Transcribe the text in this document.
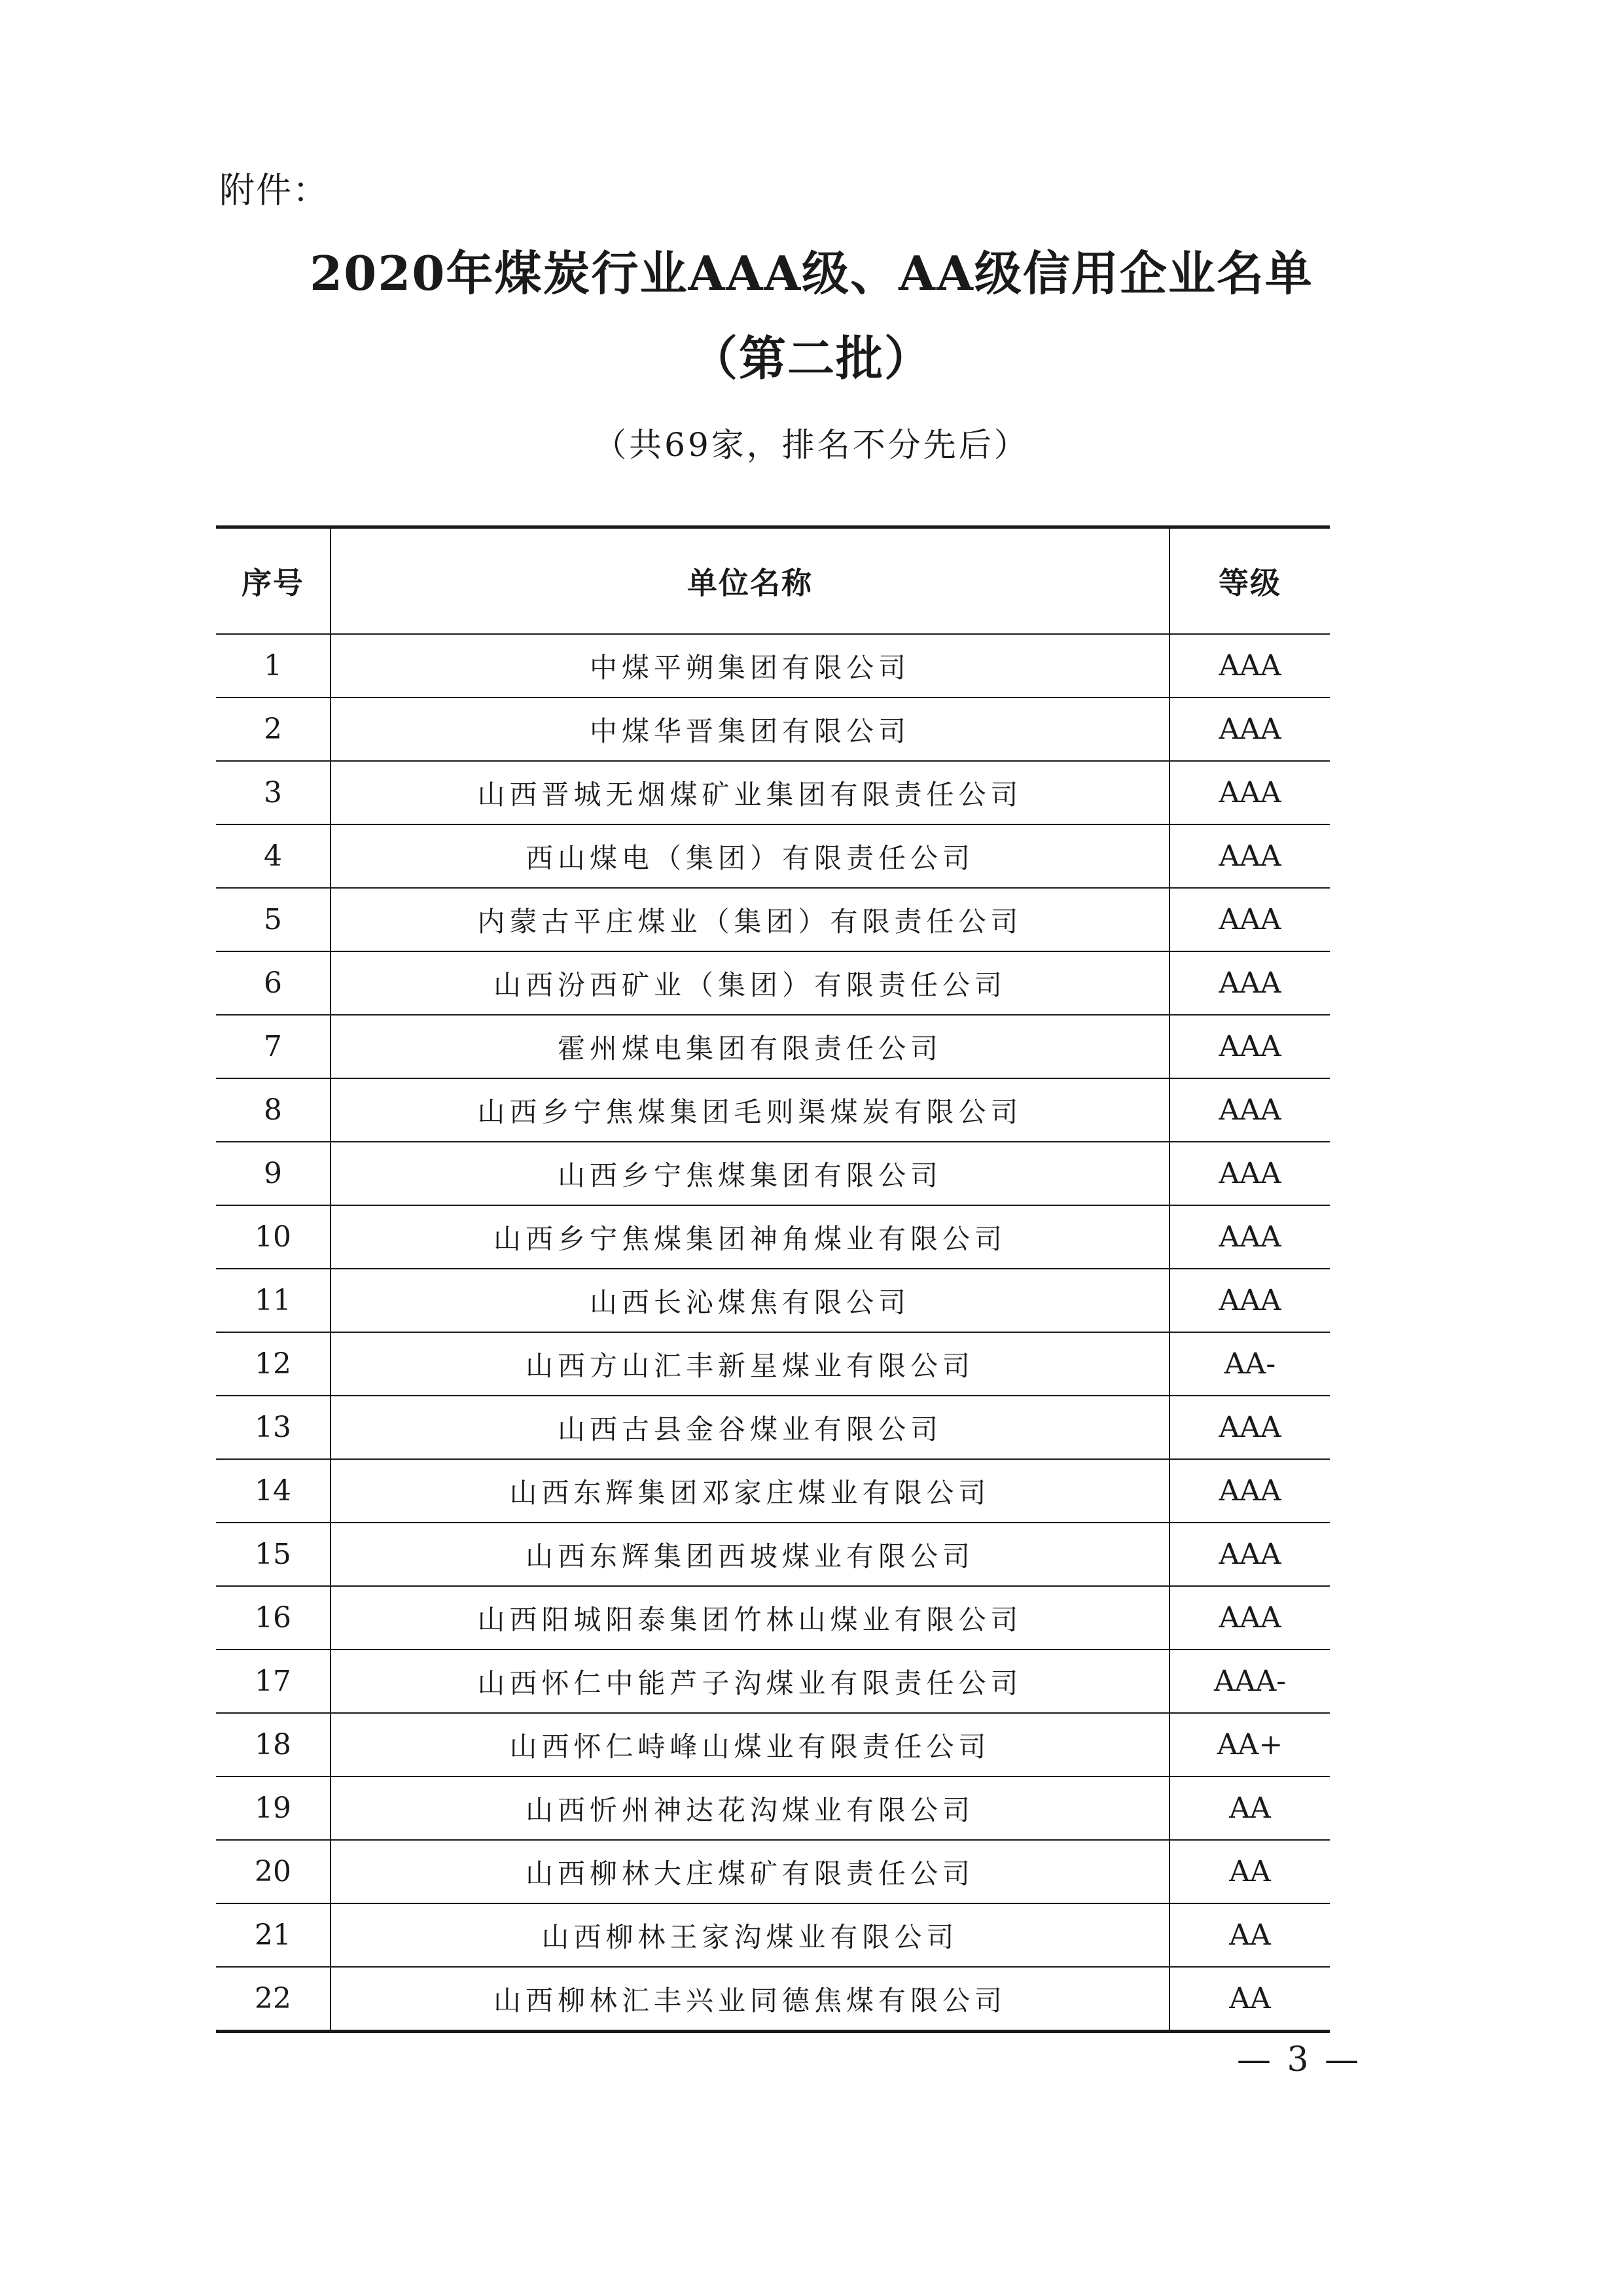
附件：
2020年煤炭行业AAA级、AA级信用企业名单
（第二批）
（共69家，排名不分先后）
序号	单位名称	等级
1	中煤平朔集团有限公司	AAA
2	中煤华晋集团有限公司	AAA
3	山西晋城无烟煤矿业集团有限责任公司	AAA
4	西山煤电（集团）有限责任公司	AAA
5	内蒙古平庄煤业（集团）有限责任公司	AAA
6	山西汾西矿业（集团）有限责任公司	AAA
7	霍州煤电集团有限责任公司	AAA
8	山西乡宁焦煤集团毛则渠煤炭有限公司	AAA
9	山西乡宁焦煤集团有限公司	AAA
10	山西乡宁焦煤集团神角煤业有限公司	AAA
11	山西长沁煤焦有限公司	AAA
12	山西方山汇丰新星煤业有限公司	AA-
13	山西古县金谷煤业有限公司	AAA
14	山西东辉集团邓家庄煤业有限公司	AAA
15	山西东辉集团西坡煤业有限公司	AAA
16	山西阳城阳泰集团竹林山煤业有限公司	AAA
17	山西怀仁中能芦子沟煤业有限责任公司	AAA-
18	山西怀仁峙峰山煤业有限责任公司	AA+
19	山西忻州神达花沟煤业有限公司	AA
20	山西柳林大庄煤矿有限责任公司	AA
21	山西柳林王家沟煤业有限公司	AA
22	山西柳林汇丰兴业同德焦煤有限公司	AA
— 3 —
